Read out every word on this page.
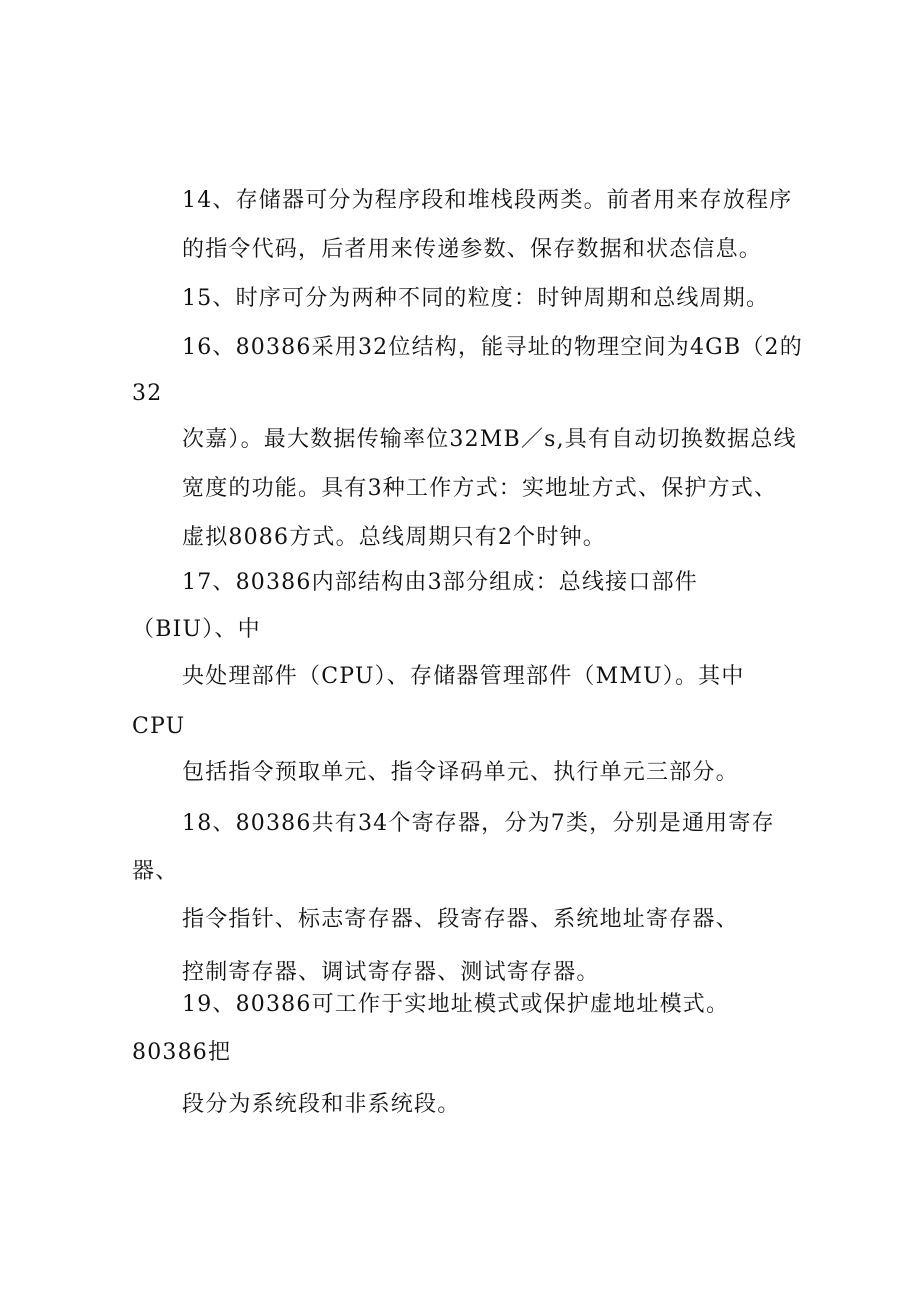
14、存储器可分为程序段和堆栈段两类。前者用来存放程序
的指令代码，后者用来传递参数、保存数据和状态信息。
15、时序可分为两种不同的粒度：时钟周期和总线周期。
16、80386采用32位结构，能寻址的物理空间为4GB（2的
32
次嘉）。最大数据传输率位32MB／s,具有自动切换数据总线
宽度的功能。具有3种工作方式：实地址方式、保护方式、
虚拟8086方式。总线周期只有2个时钟。
17、80386内部结构由3部分组成：总线接口部件
（BIU）、中
央处理部件（CPU）、存储器管理部件（MMU）。其中
CPU
包括指令预取单元、指令译码单元、执行单元三部分。
18、80386共有34个寄存器，分为7类，分别是通用寄存
器、
指令指针、标志寄存器、段寄存器、系统地址寄存器、
控制寄存器、调试寄存器、测试寄存器。
19、80386可工作于实地址模式或保护虚地址模式。
80386把
段分为系统段和非系统段。
